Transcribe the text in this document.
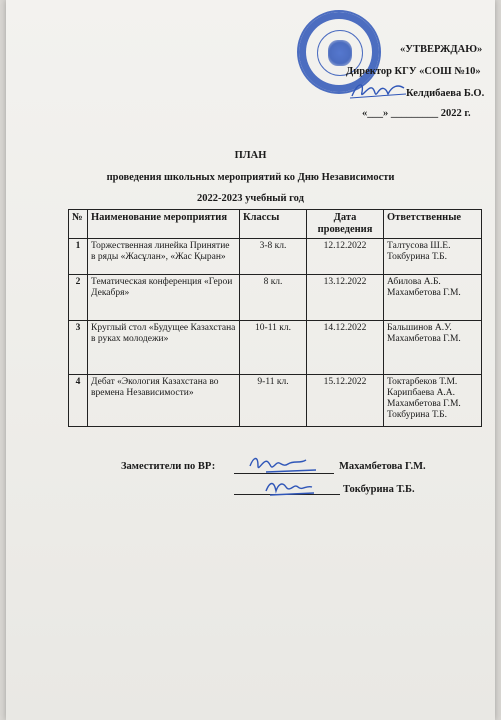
«УТВЕРЖДАЮ»
Директор КГУ «СОШ №10»
Келдибаева Б.О.
«___» _________ 2022 г.
ПЛАН
проведения школьных мероприятий ко Дню Независимости
2022-2023 учебный год
№	Наименование мероприятия	Классы	Дата проведения	Ответственные
1	Торжественная линейка Принятие в ряды «Жасұлан», «Жас Қыран»	3-8 кл.	12.12.2022	Талтусова Ш.Е.
Токбурина Т.Б.
2	Тематическая конференция «Герои Декабря»	8 кл.	13.12.2022	Абилова А.Б.
Махамбетова Г.М.
3	Круглый стол «Будущее Казахстана в руках молодежи»	10-11 кл.	14.12.2022	Бальшинов А.У.
Махамбетова Г.М.
4	Дебат «Экология Казахстана во времена Независимости»	9-11 кл.	15.12.2022	Токтарбеков Т.М.
Карипбаева А.А.
Махамбетова Г.М.
Токбурина Т.Б.
Заместители по ВР:	Махамбетова Г.М.
Токбурина Т.Б.
